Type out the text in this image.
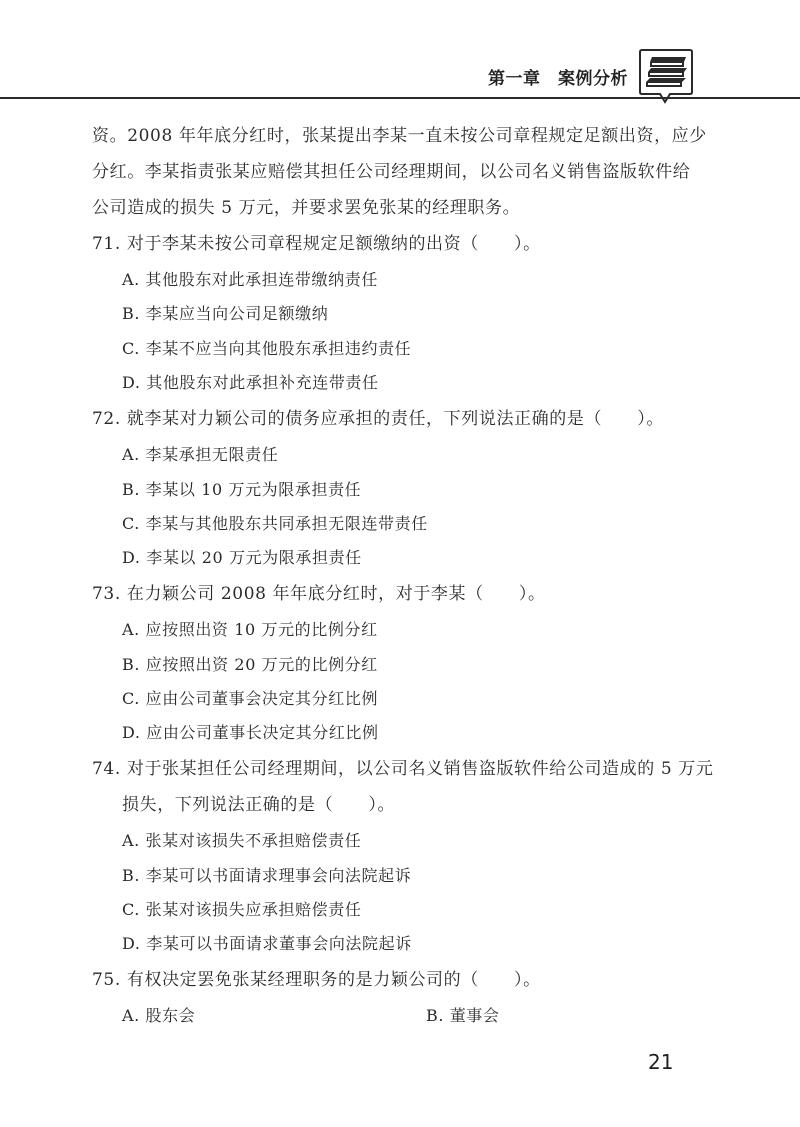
第一章　案例分析
资。2008 年年底分红时，张某提出李某一直未按公司章程规定足额出资，应少
分红。李某指责张某应赔偿其担任公司经理期间，以公司名义销售盗版软件给
公司造成的损失 5 万元，并要求罢免张某的经理职务。
71. 对于李某未按公司章程规定足额缴纳的出资（　　）。
A. 其他股东对此承担连带缴纳责任
B. 李某应当向公司足额缴纳
C. 李某不应当向其他股东承担违约责任
D. 其他股东对此承担补充连带责任
72. 就李某对力颖公司的债务应承担的责任，下列说法正确的是（　　）。
A. 李某承担无限责任
B. 李某以 10 万元为限承担责任
C. 李某与其他股东共同承担无限连带责任
D. 李某以 20 万元为限承担责任
73. 在力颖公司 2008 年年底分红时，对于李某（　　）。
A. 应按照出资 10 万元的比例分红
B. 应按照出资 20 万元的比例分红
C. 应由公司董事会决定其分红比例
D. 应由公司董事长决定其分红比例
74. 对于张某担任公司经理期间，以公司名义销售盗版软件给公司造成的 5 万元
损失，下列说法正确的是（　　）。
A. 张某对该损失不承担赔偿责任
B. 李某可以书面请求理事会向法院起诉
C. 张某对该损失应承担赔偿责任
D. 李某可以书面请求董事会向法院起诉
75. 有权决定罢免张某经理职务的是力颖公司的（　　）。
A. 股东会	B. 董事会
21
